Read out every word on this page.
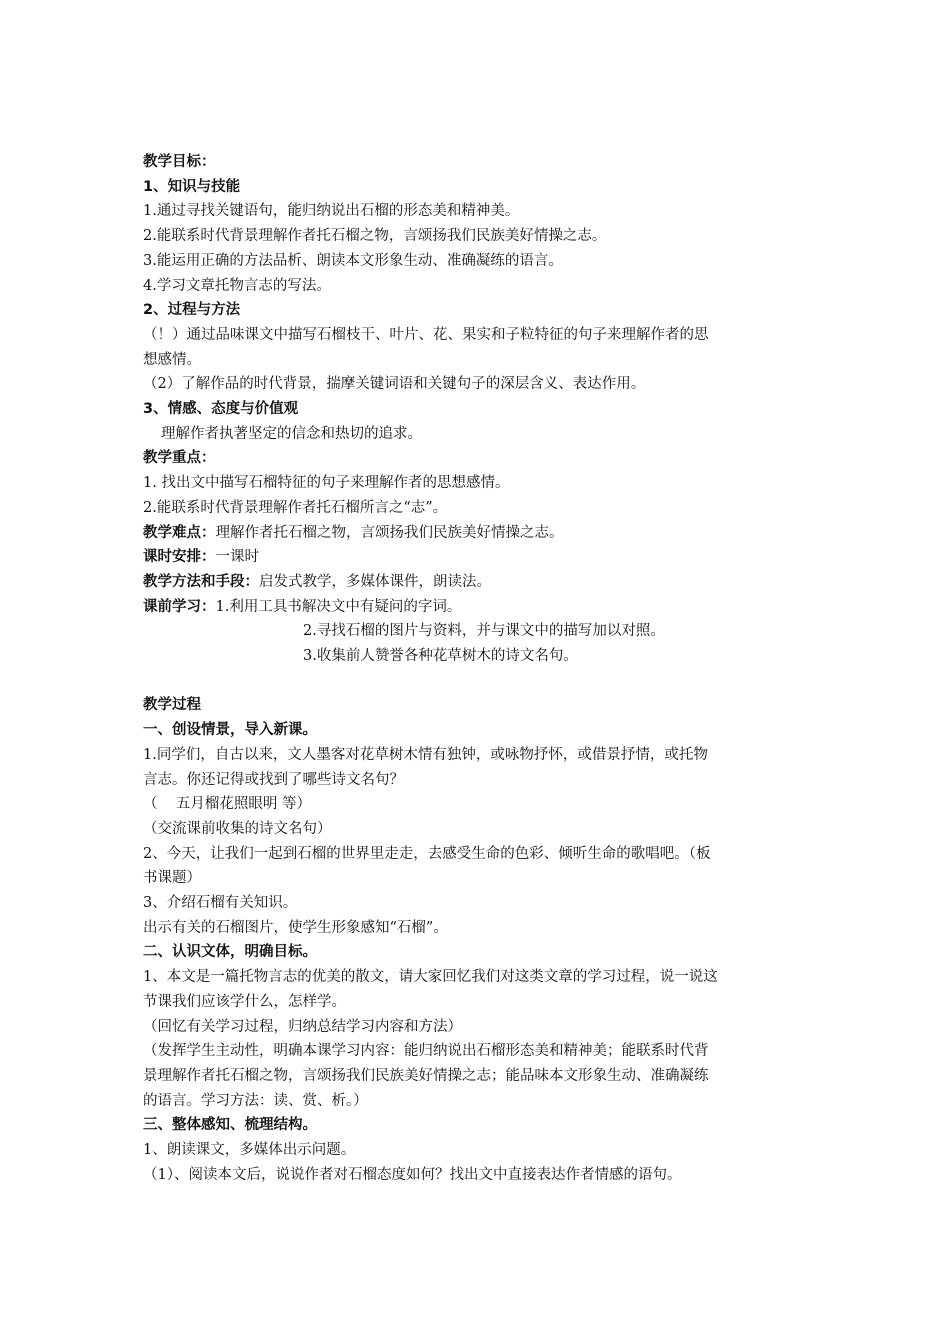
教学目标：

1、知识与技能

1.通过寻找关键语句，能归纳说出石榴的形态美和精神美。

2.能联系时代背景理解作者托石榴之物，言颂扬我们民族美好情操之志。

3.能运用正确的方法品析、朗读本文形象生动、准确凝练的语言。

4.学习文章托物言志的写法。

2、过程与方法

（！）通过品味课文中描写石榴枝干、叶片、花、果实和子粒特征的句子来理解作者的思

想感情。

（2）了解作品的时代背景，揣摩关键词语和关键句子的深层含义、表达作用。

3、情感、态度与价值观

理解作者执著坚定的信念和热切的追求。

教学重点：

1. 找出文中描写石榴特征的句子来理解作者的思想感情。

2.能联系时代背景理解作者托石榴所言之“志”。

教学难点：理解作者托石榴之物，言颂扬我们民族美好情操之志。

课时安排：一课时

教学方法和手段：启发式教学，多媒体课件，朗读法。

课前学习：1.利用工具书解决文中有疑问的字词。

2.寻找石榴的图片与资料，并与课文中的描写加以对照。

3.收集前人赞誉各种花草树木的诗文名句。

教学过程

一、创设情景，导入新课。

1.同学们，自古以来，文人墨客对花草树木情有独钟，或咏物抒怀，或借景抒情，或托物

言志。你还记得或找到了哪些诗文名句？

（    五月榴花照眼明 等）

（交流课前收集的诗文名句）

2、今天，让我们一起到石榴的世界里走走，去感受生命的色彩、倾听生命的歌唱吧。（板

书课题）

3、介绍石榴有关知识。

出示有关的石榴图片，使学生形象感知“石榴”。

二、认识文体，明确目标。

1、本文是一篇托物言志的优美的散文，请大家回忆我们对这类文章的学习过程，说一说这

节课我们应该学什么，怎样学。

（回忆有关学习过程，归纳总结学习内容和方法）

（发挥学生主动性，明确本课学习内容：能归纳说出石榴形态美和精神美；能联系时代背

景理解作者托石榴之物，言颂扬我们民族美好情操之志；能品味本文形象生动、准确凝练

的语言。学习方法：读、赏、析。）

三、整体感知、梳理结构。

1、朗读课文，多媒体出示问题。

（1）、阅读本文后，说说作者对石榴态度如何？找出文中直接表达作者情感的语句。
